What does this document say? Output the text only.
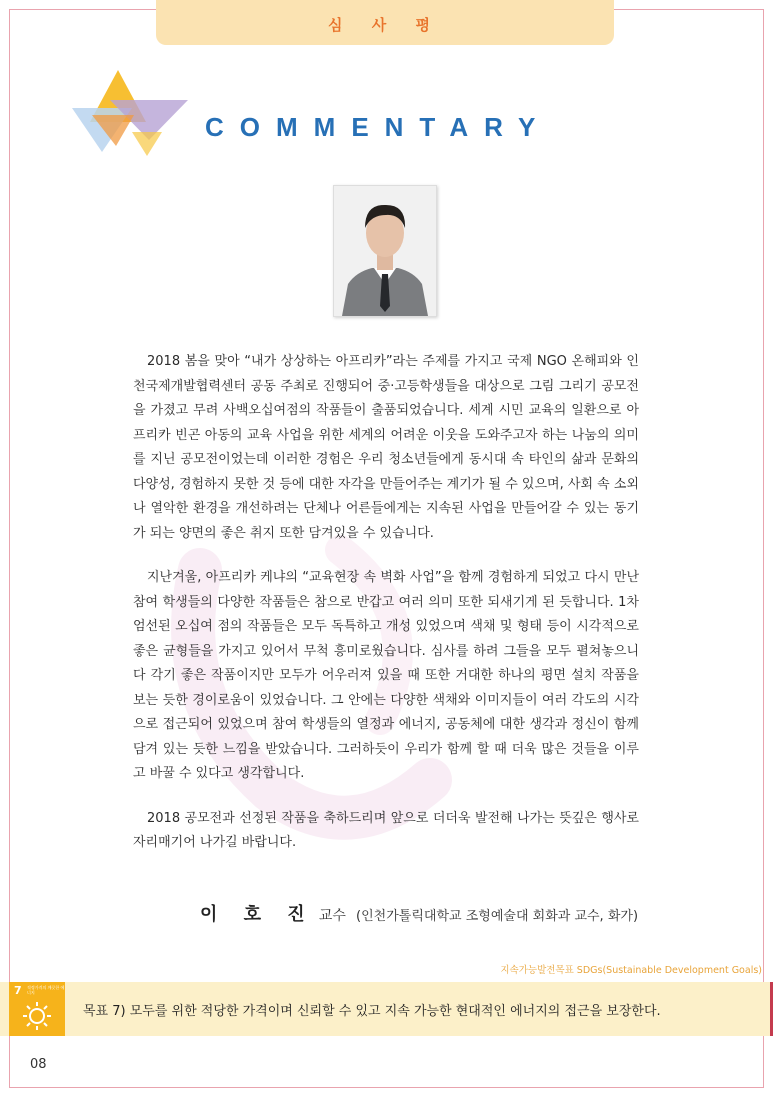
심 사 평
COMMENTARY

2018 봄을 맞아 “내가 상상하는 아프리카”라는 주제를 가지고 국제 NGO 온해피와 인천국제개발협력센터 공동 주최로 진행되어 중·고등학생들을 대상으로 그림 그리기 공모전을 가졌고 무려 사백오십여점의 작품들이 출품되었습니다. 세계 시민 교육의 일환으로 아프리카 빈곤 아동의 교육 사업을 위한 세계의 어려운 이웃을 도와주고자 하는 나눔의 의미를 지닌 공모전이었는데 이러한 경험은 우리 청소년들에게 동시대 속 타인의 삶과 문화의 다양성, 경험하지 못한 것 등에 대한 자각을 만들어주는 계기가 될 수 있으며, 사회 속 소외나 열악한 환경을 개선하려는 단체나 어른들에게는 지속된 사업을 만들어갈 수 있는 동기가 되는 양면의 좋은 취지 또한 담겨있을 수 있습니다.

지난겨울, 아프리카 케냐의 “교육현장 속 벽화 사업”을 함께 경험하게 되었고 다시 만난 참여 학생들의 다양한 작품들은 참으로 반갑고 여러 의미 또한 되새기게 된 듯합니다. 1차 엄선된 오십여 점의 작품들은 모두 독특하고 개성 있었으며 색채 및 형태 등이 시각적으로 좋은 균형들을 가지고 있어서 무척 흥미로웠습니다. 심사를 하려 그들을 모두 펼쳐놓으니 다 각기 좋은 작품이지만 모두가 어우러져 있을 때 또한 거대한 하나의 평면 설치 작품을 보는 듯한 경이로움이 있었습니다. 그 안에는 다양한 색채와 이미지들이 여러 각도의 시각으로 접근되어 있었으며 참여 학생들의 열정과 에너지, 공동체에 대한 생각과 정신이 함께 담겨 있는 듯한 느낌을 받았습니다. 그러하듯이 우리가 함께 할 때 더욱 많은 것들을 이루고 바꿀 수 있다고 생각합니다.

2018 공모전과 선정된 작품을 축하드리며 앞으로 더더욱 발전해 나가는 뜻깊은 행사로 자리매기어 나가길 바랍니다.

이 호 진 교수 (인천가톨릭대학교 조형예술대 회화과 교수, 화가)
지속가능발전목표 SDGs(Sustainable Development Goals)
7 적정가격의 깨끗한 에너지
목표 7) 모두를 위한 적당한 가격이며 신뢰할 수 있고 지속 가능한 현대적인 에너지의 접근을 보장한다.
08
